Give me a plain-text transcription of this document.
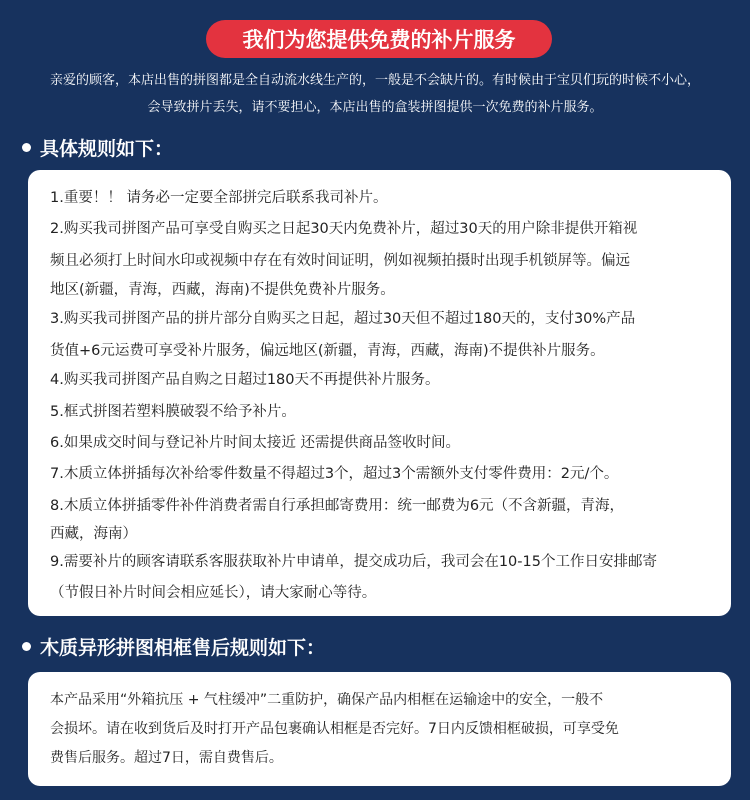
我们为您提供免费的补片服务
亲爱的顾客，本店出售的拼图都是全自动流水线生产的，一般是不会缺片的。有时候由于宝贝们玩的时候不小心，
会导致拼片丢失，请不要担心，本店出售的盒装拼图提供一次免费的补片服务。
具体规则如下：
1.重要！！ 请务必一定要全部拼完后联系我司补片。
2.购买我司拼图产品可享受自购买之日起30天内免费补片，超过30天的用户除非提供开箱视
频且必须打上时间水印或视频中存在有效时间证明，例如视频拍摄时出现手机锁屏等。偏远
地区(新疆，青海，西藏，海南)不提供免费补片服务。
3.购买我司拼图产品的拼片部分自购买之日起，超过30天但不超过180天的，支付30%产品
货值+6元运费可享受补片服务，偏远地区(新疆，青海，西藏，海南)不提供补片服务。
4.购买我司拼图产品自购之日超过180天不再提供补片服务。
5.框式拼图若塑料膜破裂不给予补片。
6.如果成交时间与登记补片时间太接近 还需提供商品签收时间。
7.木质立体拼插每次补给零件数量不得超过3个，超过3个需额外支付零件费用：2元/个。
8.木质立体拼插零件补件消费者需自行承担邮寄费用：统一邮费为6元（不含新疆，青海，
西藏，海南）
9.需要补片的顾客请联系客服获取补片申请单，提交成功后，我司会在10-15个工作日安排邮寄
（节假日补片时间会相应延长），请大家耐心等待。
木质异形拼图相框售后规则如下：
本产品采用“外箱抗压 + 气柱缓冲”二重防护，确保产品内相框在运输途中的安全，一般不
会损坏。请在收到货后及时打开产品包裹确认相框是否完好。7日内反馈相框破损，可享受免
费售后服务。超过7日，需自费售后。
